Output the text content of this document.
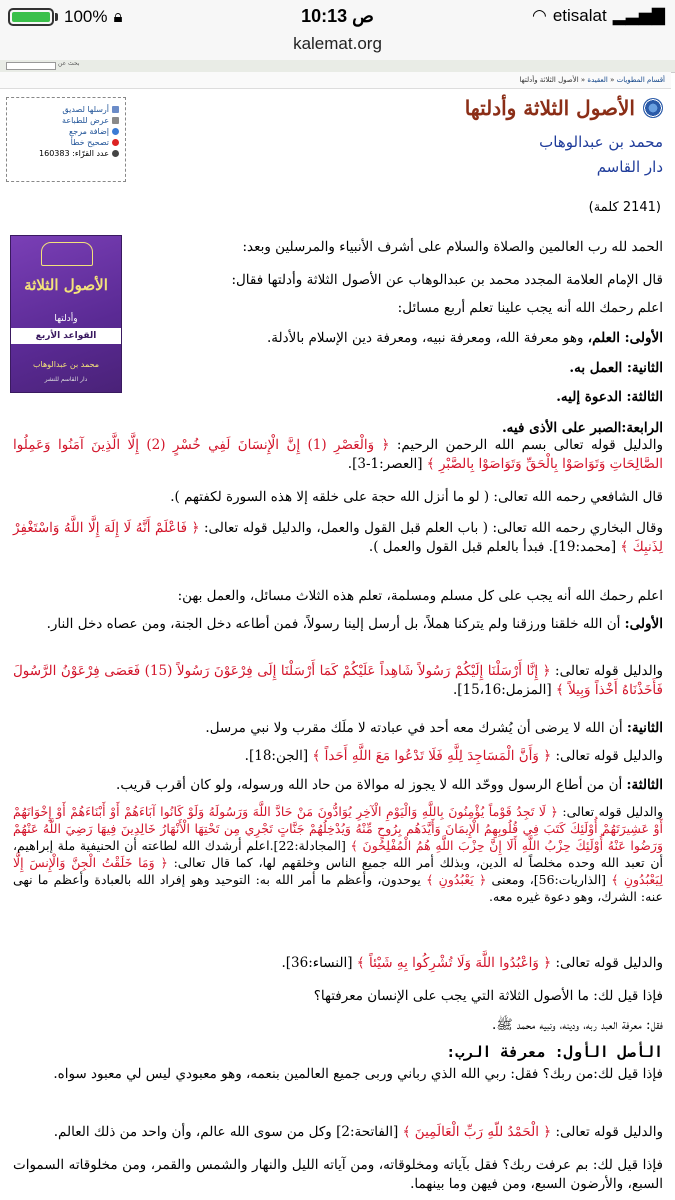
100% 🔒︎	10:13 ص	◠ etisalat ▂▃▅▇
kalemat.org
بحث عن
أقسام المطويات « العقيدة « الأصول الثلاثة وأدلتها
أرسلها لصديق
عرض للطباعة
إضافة مرجع
تصحيح خطأ
عدد القرّاء: 160383
الأصول الثلاثة وأدلتها
محمد بن عبدالوهاب
دار القاسم
(2141 كلمة)
الأصول الثلاثة
وأدلتها
القواعد الأربع
محمد بن عبدالوهاب
دار القاسم للنشر
الحمد لله رب العالمين والصلاة والسلام على أشرف الأنبياء والمرسلين وبعد:
قال الإمام العلامة المجدد محمد بن عبدالوهاب عن الأصول الثلاثة وأدلتها فقال:
اعلم رحمك الله أنه يجب علينا تعلم أربع مسائل:
الأولى: العلم، وهو معرفة الله، ومعرفة نبيه، ومعرفة دين الإسلام بالأدلة.
الثانية: العمل به.
الثالثة: الدعوة إليه.
الرابعة:الصبر على الأذى فيه.
والدليل قوله تعالى بسم الله الرحمن الرحيم: ﴿ وَالْعَصْرِ (1) إِنَّ الْإِنسَانَ لَفِي خُسْرٍ (2) إِلَّا الَّذِينَ آمَنُوا وَعَمِلُوا الصَّالِحَاتِ وَتَوَاصَوْا بِالْحَقِّ وَتَوَاصَوْا بِالصَّبْرِ ﴾ [العصر:1-3].
قال الشافعي رحمه الله تعالى: ( لو ما أنزل الله حجة على خلقه إلا هذه السورة لكفتهم ).
وقال البخاري رحمه الله تعالى: ( باب العلم قبل القول والعمل، والدليل قوله تعالى: ﴿ فَاعْلَمْ أَنَّهُ لَا إِلَهَ إِلَّا اللَّهُ وَاسْتَغْفِرْ لِذَنبِكَ ﴾ [محمد:19]. فبدأ بالعلم قبل القول والعمل ).
اعلم رحمك الله أنه يجب على كل مسلم ومسلمة، تعلم هذه الثلاث مسائل، والعمل بهن:
الأولى: أن الله خلقنا ورزقنا ولم يتركنا هملاً، بل أرسل إلينا رسولاً، فمن أطاعه دخل الجنة، ومن عصاه دخل النار.
والدليل قوله تعالى: ﴿ إِنَّا أَرْسَلْنَا إِلَيْكُمْ رَسُولاً شَاهِداً عَلَيْكُمْ كَمَا أَرْسَلْنَا إِلَى فِرْعَوْنَ رَسُولاً (15) فَعَصَى فِرْعَوْنُ الرَّسُولَ فَأَخَذْنَاهُ أَخْذاً وَبِيلاً ﴾ [المزمل:15،16].
الثانية: أن الله لا يرضى أن يُشرك معه أحد في عبادته لا ملَك مقرب ولا نبي مرسل.
والدليل قوله تعالى: ﴿ وَأَنَّ الْمَسَاجِدَ لِلَّهِ فَلَا تَدْعُوا مَعَ اللَّهِ أَحَداً ﴾ [الجن:18].
الثالثة: أن من أطاع الرسول ووحّد الله لا يجوز له موالاة من حاد الله ورسوله، ولو كان أقرب قريب.
والدليل قوله تعالى: ﴿ لَا تَجِدُ قَوْماً يُؤْمِنُونَ بِاللَّهِ وَالْيَوْمِ الْآخِرِ يُوَادُّونَ مَنْ حَادَّ اللَّهَ وَرَسُولَهُ وَلَوْ كَانُوا آبَاءَهُمْ أَوْ أَبْنَاءَهُمْ أَوْ إِخْوَانَهُمْ أَوْ عَشِيرَتَهُمْ أُوْلَئِكَ كَتَبَ فِي قُلُوبِهِمُ الْإِيمَانَ وَأَيَّدَهُم بِرُوحٍ مِّنْهُ وَيُدْخِلُهُمْ جَنَّاتٍ تَجْرِي مِن تَحْتِهَا الْأَنْهَارُ خَالِدِينَ فِيهَا رَضِيَ اللَّهُ عَنْهُمْ وَرَضُوا عَنْهُ أُوْلَئِكَ حِزْبُ اللَّهِ أَلَا إِنَّ حِزْبَ اللَّهِ هُمُ الْمُفْلِحُونَ ﴾ [المجادلة:22].اعلم أرشدك الله لطاعته أن الحنيفية ملة إبراهيم، أن تعبد الله وحده مخلصاً له الدين، وبذلك أمر الله جميع الناس وخلقهم لها، كما قال تعالى: ﴿ وَمَا خَلَقْتُ الْجِنَّ وَالْإِنسَ إِلَّا لِيَعْبُدُونِ ﴾ [الذاريات:56]، ومعنى ﴿ يَعْبُدُونِ ﴾ يوحدون، وأعظم ما أمر الله به: التوحيد وهو إفراد الله بالعبادة وأعظم ما نهى عنه: الشرك، وهو دعوة غيره معه.
والدليل قوله تعالى: ﴿ وَاعْبُدُوا اللَّهَ وَلَا تُشْرِكُوا بِهِ شَيْئاً ﴾ [النساء:36].
فإذا قيل لك: ما الأصول الثلاثة التي يجب على الإنسان معرفتها؟
فقل: معرفة العبد ربه، ودينه، ونبيه محمد ﷺ.
الأصل الأول: معرفة الرب:
فإذا قيل لك:من ربك؟ فقل: ربي الله الذي رباني وربى جميع العالمين بنعمه، وهو معبودي ليس لي معبود سواه.
والدليل قوله تعالى: ﴿ الْحَمْدُ للّهِ رَبِّ الْعَالَمِينَ ﴾ [الفاتحة:2] وكل من سوى الله عالم، وأن واحد من ذلك العالم.
فإذا قيل لك: بم عرفت ربك؟ فقل بآياته ومخلوقاته، ومن آياته الليل والنهار والشمس والقمر، ومن مخلوقاته السموات السبع، والأرضون السبع، ومن فيهن وما بينهما.
